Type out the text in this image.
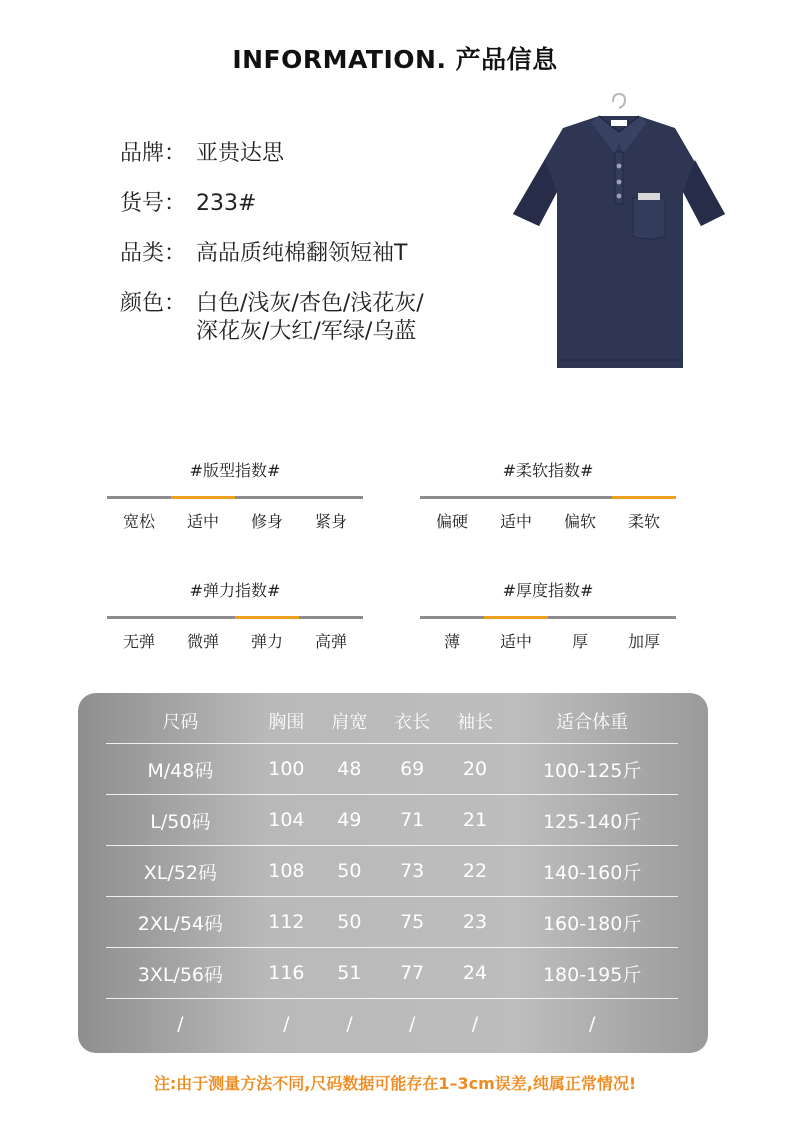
INFORMATION. 产品信息
品牌： 亚贵达思
货号： 233#
品类： 高品质纯棉翻领短袖T
颜色： 白色/浅灰/杏色/浅花灰/
深花灰/大红/军绿/乌蓝
#版型指数#
宽松	适中	修身	紧身
#柔软指数#
偏硬	适中	偏软	柔软
#弹力指数#
无弹	微弹	弹力	高弹
#厚度指数#
薄	适中	厚	加厚
尺码	胸围	肩宽	衣长	袖长	适合体重
M/48码	100	48	69	20	100-125斤
L/50码	104	49	71	21	125-140斤
XL/52码	108	50	73	22	140-160斤
2XL/54码	112	50	75	23	160-180斤
3XL/56码	116	51	77	24	180-195斤
/	/	/	/	/	/
注:由于测量方法不同,尺码数据可能存在1–3cm误差,纯属正常情况!
